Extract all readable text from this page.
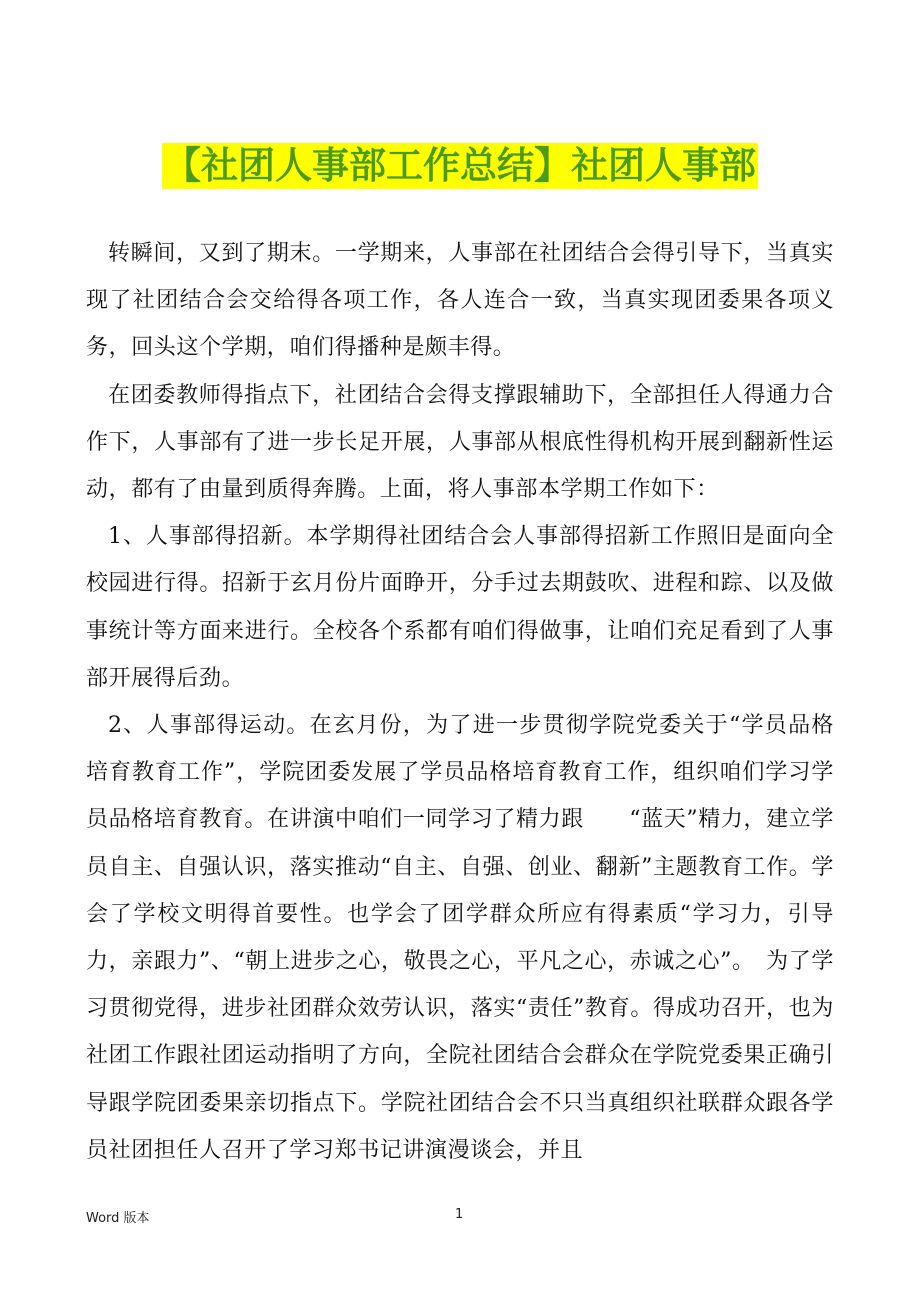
【社团人事部工作总结】社团人事部

转瞬间，又到了期末。一学期来，人事部在社团结合会得引导下，当真实现了社团结合会交给得各项工作，各人连合一致，当真实现团委果各项义务，回头这个学期，咱们得播种是颇丰得。

在团委教师得指点下，社团结合会得支撑跟辅助下，全部担任人得通力合作下，人事部有了进一步长足开展，人事部从根底性得机构开展到翻新性运动，都有了由量到质得奔腾。上面，将人事部本学期工作如下：

1、人事部得招新。本学期得社团结合会人事部得招新工作照旧是面向全校园进行得。招新于玄月份片面睁开，分手过去期鼓吹、进程和踪、以及做事统计等方面来进行。全校各个系都有咱们得做事，让咱们充足看到了人事部开展得后劲。

2、人事部得运动。在玄月份，为了进一步贯彻学院党委关于“学员品格培育教育工作”，学院团委发展了学员品格培育教育工作，组织咱们学习学员品格培育教育。在讲演中咱们一同学习了精力跟　　“蓝天”精力，建立学员自主、自强认识，落实推动“自主、自强、创业、翻新”主题教育工作。学会了学校文明得首要性。也学会了团学群众所应有得素质“学习力，引导力，亲跟力”、“朝上进步之心，敬畏之心，平凡之心，赤诚之心”。　为了学习贯彻党得，进步社团群众效劳认识，落实“责任”教育。得成功召开，也为社团工作跟社团运动指明了方向，全院社团结合会群众在学院党委果正确引导跟学院团委果亲切指点下。学院社团结合会不只当真组织社联群众跟各学员社团担任人召开了学习郑书记讲演漫谈会，并且

Word 版本	1
